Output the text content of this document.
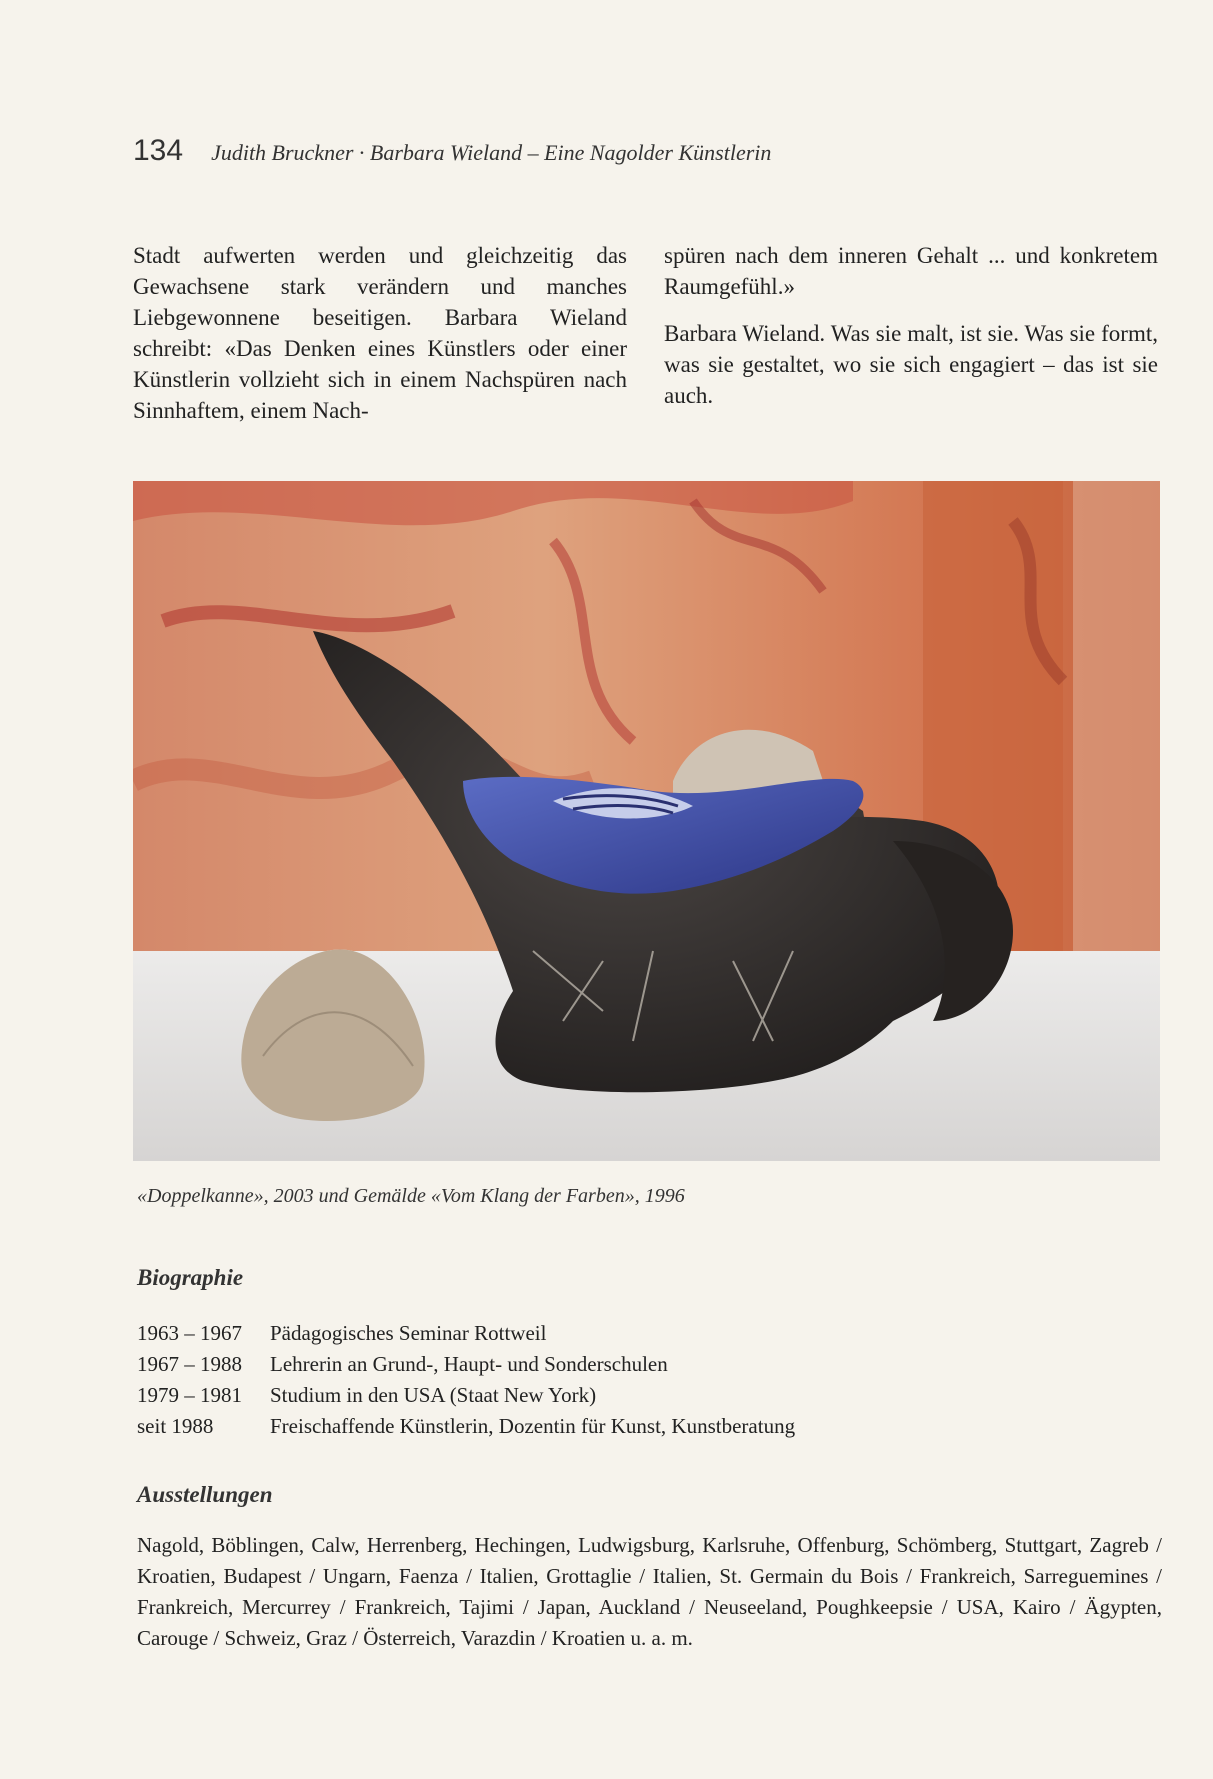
134 Judith Bruckner · Barbara Wieland – Eine Nagolder Künstlerin

Stadt aufwerten werden und gleichzeitig das Gewachsene stark verändern und manches Liebgewonnene beseitigen. Barbara Wieland schreibt: «Das Denken eines Künstlers oder einer Künstlerin vollzieht sich in einem Nachspüren nach Sinnhaftem, einem Nach-

spüren nach dem inneren Gehalt ... und konkretem Raumgefühl.»

Barbara Wieland. Was sie malt, ist sie. Was sie formt, was sie gestaltet, wo sie sich engagiert – das ist sie auch.

«Doppelkanne», 2003 und Gemälde «Vom Klang der Farben», 1996
Biographie
1963 – 1967	Pädagogisches Seminar Rottweil
1967 – 1988	Lehrerin an Grund-, Haupt- und Sonderschulen
1979 – 1981	Studium in den USA (Staat New York)
seit 1988	Freischaffende Künstlerin, Dozentin für Kunst, Kunstberatung
Ausstellungen
Nagold, Böblingen, Calw, Herrenberg, Hechingen, Ludwigsburg, Karlsruhe, Offenburg, Schömberg, Stuttgart, Zagreb / Kroatien, Budapest / Ungarn, Faenza / Italien, Grottaglie / Italien, St. Germain du Bois / Frankreich, Sarreguemines / Frankreich, Mercurrey / Frankreich, Tajimi / Japan, Auckland / Neuseeland, Poughkeepsie / USA, Kairo / Ägypten, Carouge / Schweiz, Graz / Österreich, Varazdin / Kroatien u. a. m.
